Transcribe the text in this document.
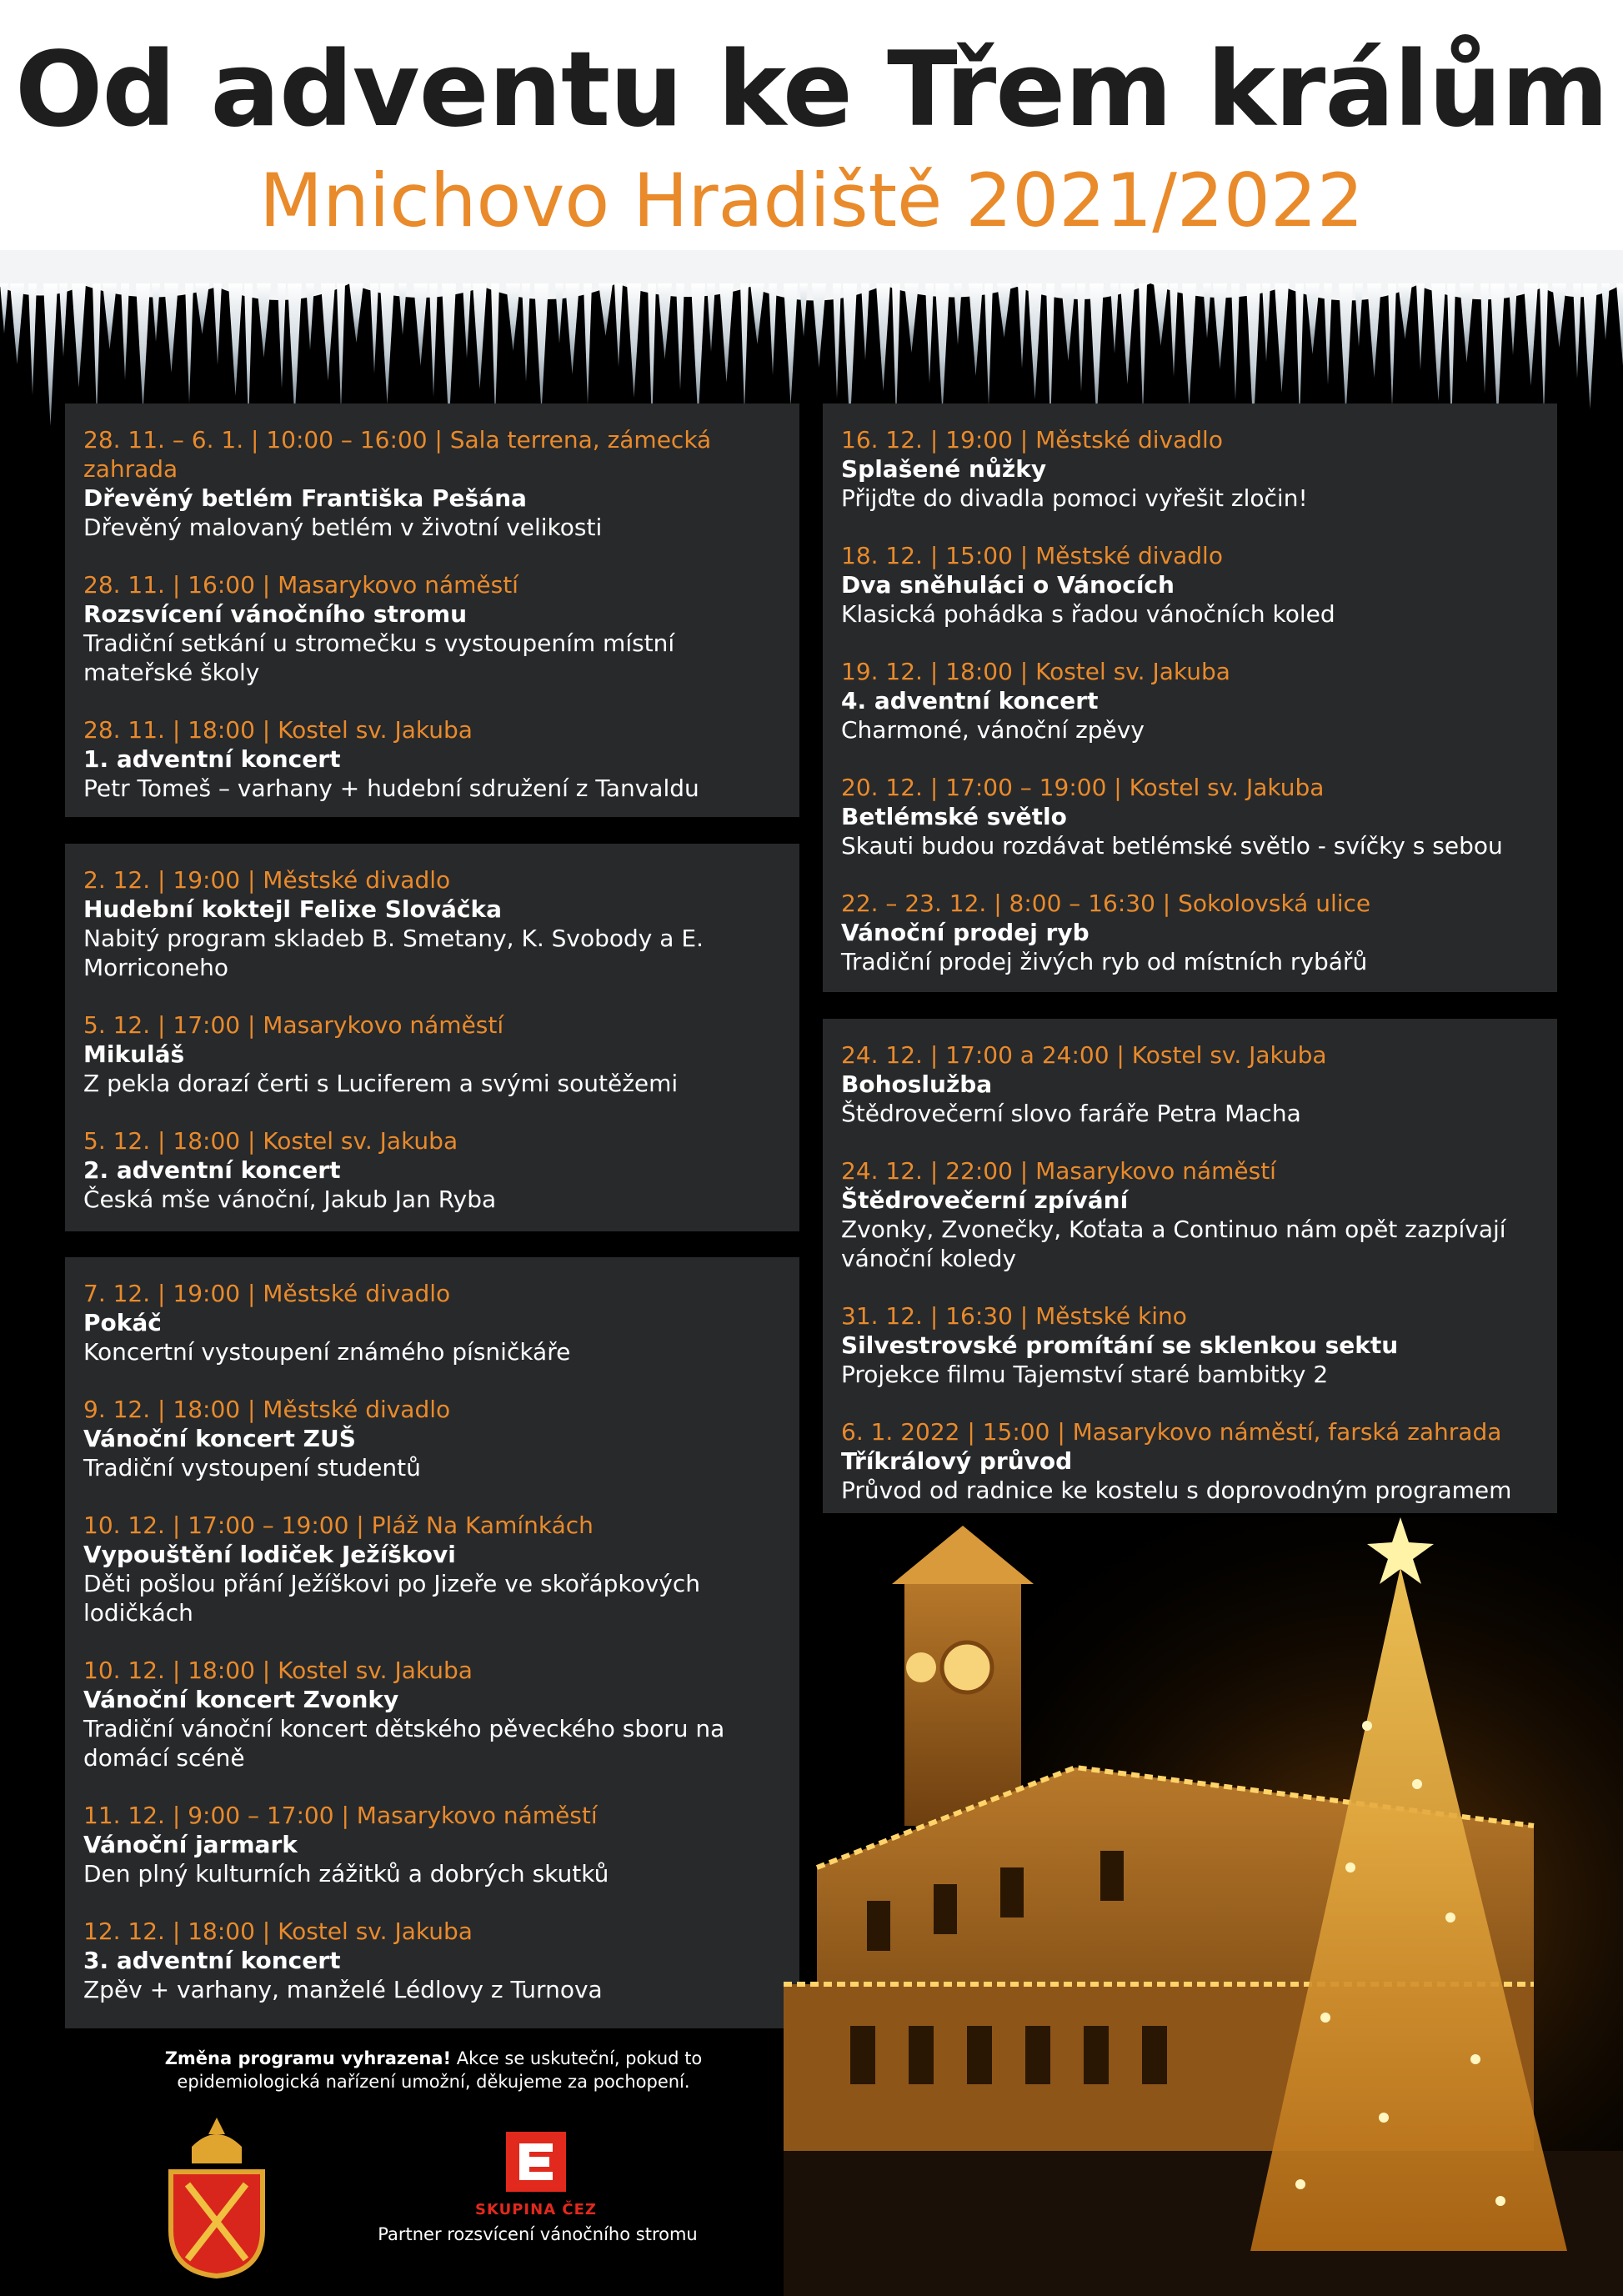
Od adventu ke Třem králům
Mnichovo Hradiště 2021/2022
28. 11. – 6. 1. | 10:00 – 16:00 | Sala terrena, zámecká zahrada
Dřevěný betlém Františka Pešána
Dřevěný malovaný betlém v životní velikosti
28. 11. | 16:00 | Masarykovo náměstí
Rozsvícení vánočního stromu
Tradiční setkání u stromečku s vystoupením místní mateřské školy
28. 11. | 18:00 | Kostel sv. Jakuba
1. adventní koncert
Petr Tomeš – varhany + hudební sdružení z Tanvaldu
2. 12. | 19:00 | Městské divadlo
Hudební koktejl Felixe Slováčka
Nabitý program skladeb B. Smetany, K. Svobody a E. Morriconeho
5. 12. | 17:00 | Masarykovo náměstí
Mikuláš
Z pekla dorazí čerti s Luciferem a svými soutěžemi
5. 12. | 18:00 | Kostel sv. Jakuba
2. adventní koncert
Česká mše vánoční, Jakub Jan Ryba
7. 12. | 19:00 | Městské divadlo
Pokáč
Koncertní vystoupení známého písničkáře
9. 12. | 18:00 | Městské divadlo
Vánoční koncert ZUŠ
Tradiční vystoupení studentů
10. 12. | 17:00 – 19:00 | Pláž Na Kamínkách
Vypouštění lodiček Ježíškovi
Děti pošlou přání Ježíškovi po Jizeře ve skořápkových lodičkách
10. 12. | 18:00 | Kostel sv. Jakuba
Vánoční koncert Zvonky
Tradiční vánoční koncert dětského pěveckého sboru na domácí scéně
11. 12. | 9:00 – 17:00 | Masarykovo náměstí
Vánoční jarmark
Den plný kulturních zážitků a dobrých skutků
12. 12. | 18:00 | Kostel sv. Jakuba
3. adventní koncert
Zpěv + varhany, manželé Lédlovy z Turnova
16. 12. | 19:00 | Městské divadlo
Splašené nůžky
Přijďte do divadla pomoci vyřešit zločin!
18. 12. | 15:00 | Městské divadlo
Dva sněhuláci o Vánocích
Klasická pohádka s řadou vánočních koled
19. 12. | 18:00 | Kostel sv. Jakuba
4. adventní koncert
Charmoné, vánoční zpěvy
20. 12. | 17:00 – 19:00 | Kostel sv. Jakuba
Betlémské světlo
Skauti budou rozdávat betlémské světlo - svíčky s sebou
22. – 23. 12. | 8:00 – 16:30 | Sokolovská ulice
Vánoční prodej ryb
Tradiční prodej živých ryb od místních rybářů
24. 12. | 17:00 a 24:00 | Kostel sv. Jakuba
Bohoslužba
Štědrovečerní slovo faráře Petra Macha
24. 12. | 22:00 | Masarykovo náměstí
Štědrovečerní zpívání
Zvonky, Zvonečky, Koťata a Continuo nám opět zazpívají vánoční koledy
31. 12. | 16:30 | Městské kino
Silvestrovské promítání se sklenkou sektu
Projekce filmu Tajemství staré bambitky 2
6. 1. 2022 | 15:00 | Masarykovo náměstí, farská zahrada
Tříkrálový průvod
Průvod od radnice ke kostelu s doprovodným programem
Změna programu vyhrazena! Akce se uskuteční, pokud to epidemiologická nařízení umožní, děkujeme za pochopení.
SKUPINA ČEZ
Partner rozsvícení vánočního stromu
